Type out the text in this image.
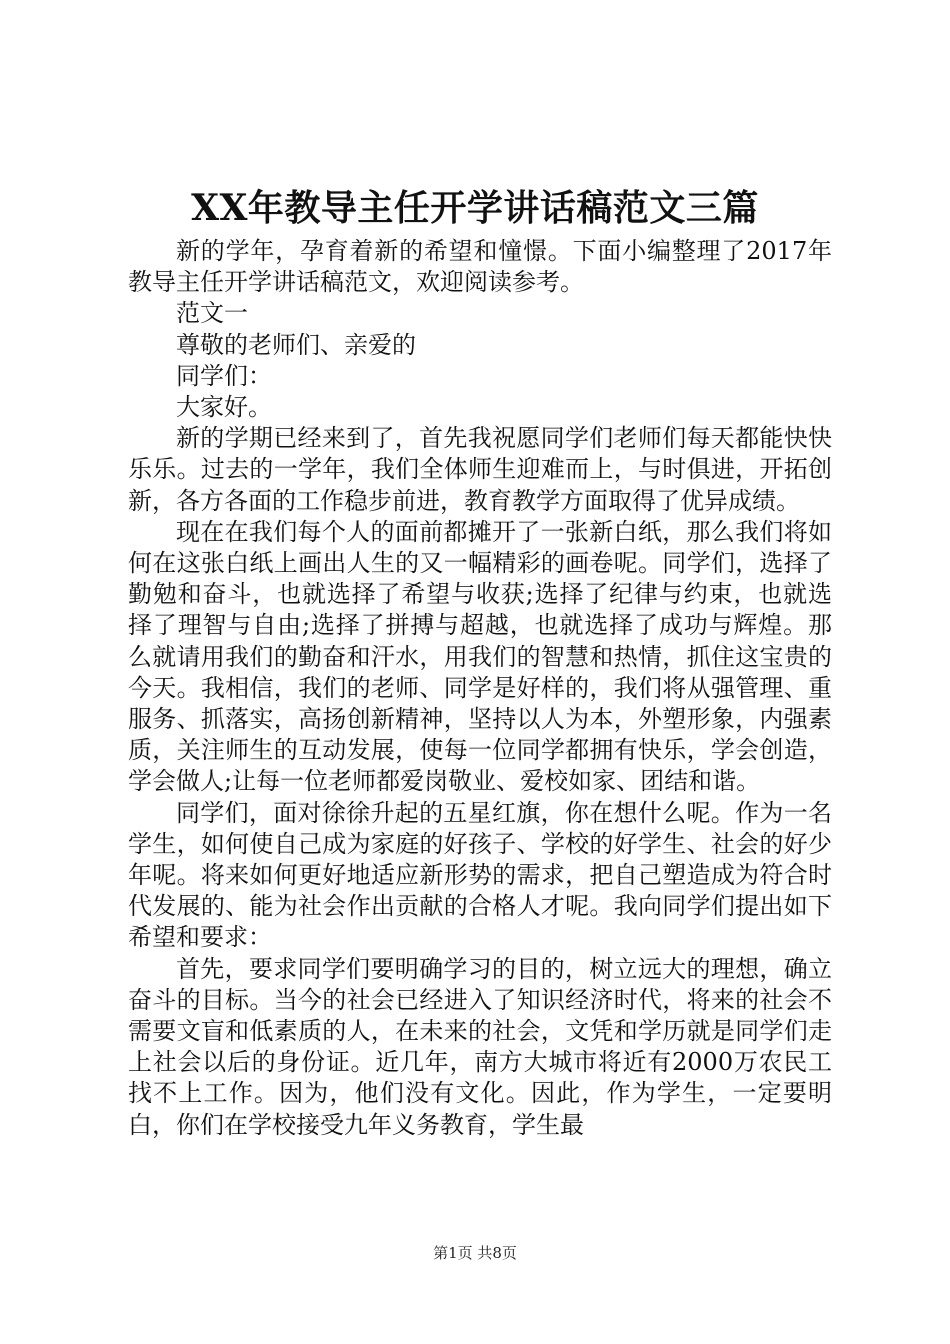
XX年教导主任开学讲话稿范文三篇

新的学年，孕育着新的希望和憧憬。下面小编整理了2017年教导主任开学讲话稿范文，欢迎阅读参考。

范文一

尊敬的老师们、亲爱的

同学们：

大家好。

新的学期已经来到了，首先我祝愿同学们老师们每天都能快快乐乐。过去的一学年，我们全体师生迎难而上，与时俱进，开拓创新，各方各面的工作稳步前进，教育教学方面取得了优异成绩。

现在在我们每个人的面前都摊开了一张新白纸，那么我们将如何在这张白纸上画出人生的又一幅精彩的画卷呢。同学们，选择了勤勉和奋斗，也就选择了希望与收获;选择了纪律与约束，也就选择了理智与自由;选择了拼搏与超越，也就选择了成功与辉煌。那么就请用我们的勤奋和汗水，用我们的智慧和热情，抓住这宝贵的今天。我相信，我们的老师、同学是好样的，我们将从强管理、重服务、抓落实，高扬创新精神，坚持以人为本，外塑形象，内强素质，关注师生的互动发展，使每一位同学都拥有快乐，学会创造，学会做人;让每一位老师都爱岗敬业、爱校如家、团结和谐。

同学们，面对徐徐升起的五星红旗，你在想什么呢。作为一名学生，如何使自己成为家庭的好孩子、学校的好学生、社会的好少年呢。将来如何更好地适应新形势的需求，把自己塑造成为符合时代发展的、能为社会作出贡献的合格人才呢。我向同学们提出如下希望和要求：

首先，要求同学们要明确学习的目的，树立远大的理想，确立奋斗的目标。当今的社会已经进入了知识经济时代，将来的社会不需要文盲和低素质的人，在未来的社会，文凭和学历就是同学们走上社会以后的身份证。近几年，南方大城市将近有2000万农民工找不上工作。因为，他们没有文化。因此，作为学生，一定要明白，你们在学校接受九年义务教育，学生最

第1页 共8页
